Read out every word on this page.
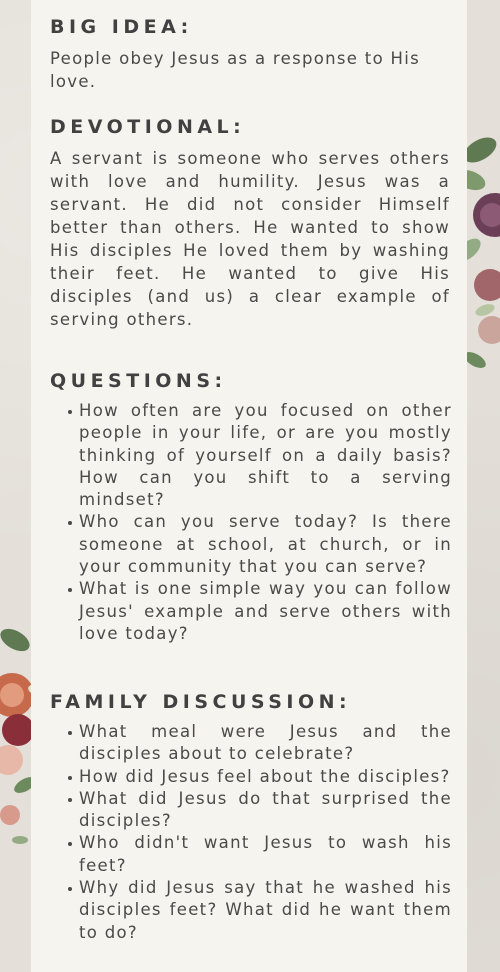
BIG IDEA:
People obey Jesus as a response to His love.
DEVOTIONAL:
A servant is someone who serves others with love and humility. Jesus was a servant. He did not consider Himself better than others. He wanted to show His disciples He loved them by washing their feet. He wanted to give His disciples (and us) a clear example of serving others.
QUESTIONS:
How often are you focused on other people in your life, or are you mostly thinking of yourself on a daily basis? How can you shift to a serving mindset?
Who can you serve today? Is there someone at school, at church, or in your community that you can serve?
What is one simple way you can follow Jesus' example and serve others with love today?
FAMILY DISCUSSION:
What meal were Jesus and the disciples about to celebrate?
How did Jesus feel about the disciples?
What did Jesus do that surprised the disciples?
Who didn't want Jesus to wash his feet?
Why did Jesus say that he washed his disciples feet? What did he want them to do?
